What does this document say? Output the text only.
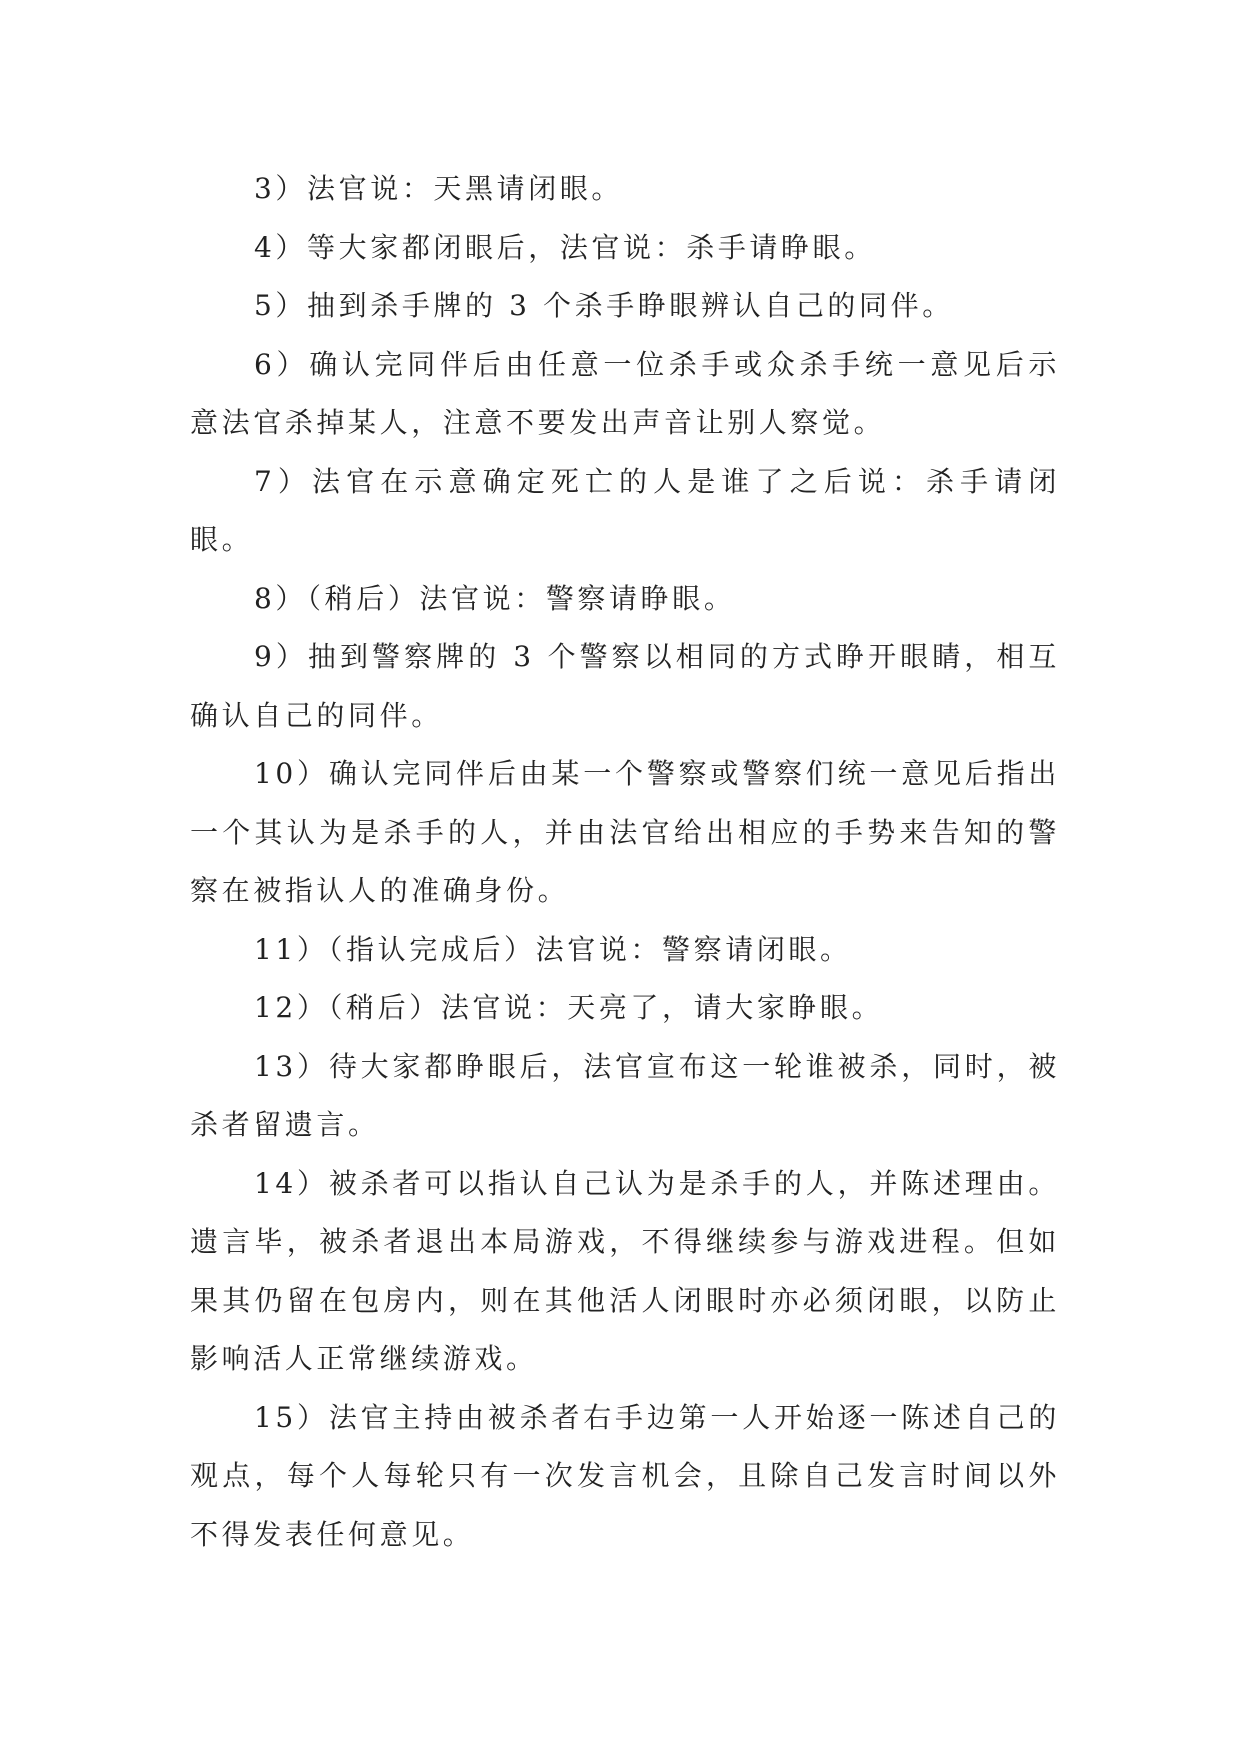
3）法官说：天黑请闭眼。

4）等大家都闭眼后，法官说：杀手请睁眼。

5）抽到杀手牌的 3 个杀手睁眼辨认自己的同伴。

6）确认完同伴后由任意一位杀手或众杀手统一意见后示意法官杀掉某人，注意不要发出声音让别人察觉。

7）法官在示意确定死亡的人是谁了之后说：杀手请闭眼。

8）（稍后）法官说：警察请睁眼。

9）抽到警察牌的 3 个警察以相同的方式睁开眼睛，相互确认自己的同伴。

10）确认完同伴后由某一个警察或警察们统一意见后指出一个其认为是杀手的人，并由法官给出相应的手势来告知的警察在被指认人的准确身份。

11）（指认完成后）法官说：警察请闭眼。

12）（稍后）法官说：天亮了，请大家睁眼。

13）待大家都睁眼后，法官宣布这一轮谁被杀，同时，被杀者留遗言。

14）被杀者可以指认自己认为是杀手的人，并陈述理由。遗言毕，被杀者退出本局游戏，不得继续参与游戏进程。但如果其仍留在包房内，则在其他活人闭眼时亦必须闭眼，以防止影响活人正常继续游戏。

15）法官主持由被杀者右手边第一人开始逐一陈述自己的观点，每个人每轮只有一次发言机会，且除自己发言时间以外不得发表任何意见。
